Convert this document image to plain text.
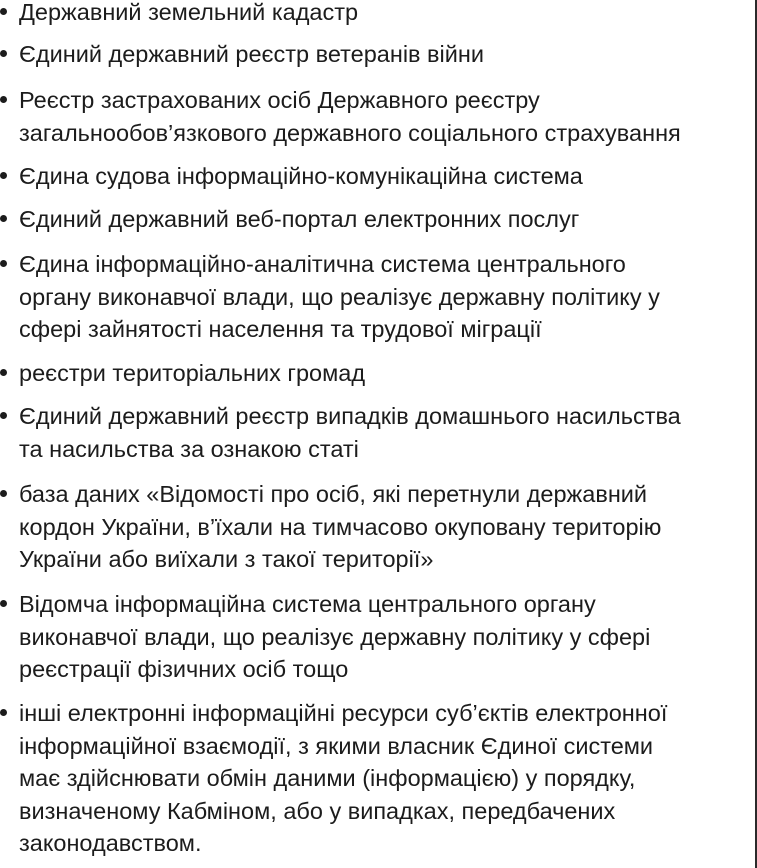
Державний земельний кадастр
Єдиний державний реєстр ветеранів війни
Реєстр застрахованих осіб Державного реєстру
загальнообов’язкового державного соціального страхування
Єдина судова інформаційно-комунікаційна система
Єдиний державний веб-портал електронних послуг
Єдина інформаційно-аналітична система центрального
органу виконавчої влади, що реалізує державну політику у
сфері зайнятості населення та трудової міграції
реєстри територіальних громад
Єдиний державний реєстр випадків домашнього насильства
та насильства за ознакою статі
база даних «Відомості про осіб, які перетнули державний
кордон України, в’їхали на тимчасово окуповану територію
України або виїхали з такої території»
Відомча інформаційна система центрального органу
виконавчої влади, що реалізує державну політику у сфері
реєстрації фізичних осіб тощо
інші електронні інформаційні ресурси суб’єктів електронної
інформаційної взаємодії, з якими власник Єдиної системи
має здійснювати обмін даними (інформацією) у порядку,
визначеному Кабміном, або у випадках, передбачених
законодавством.
